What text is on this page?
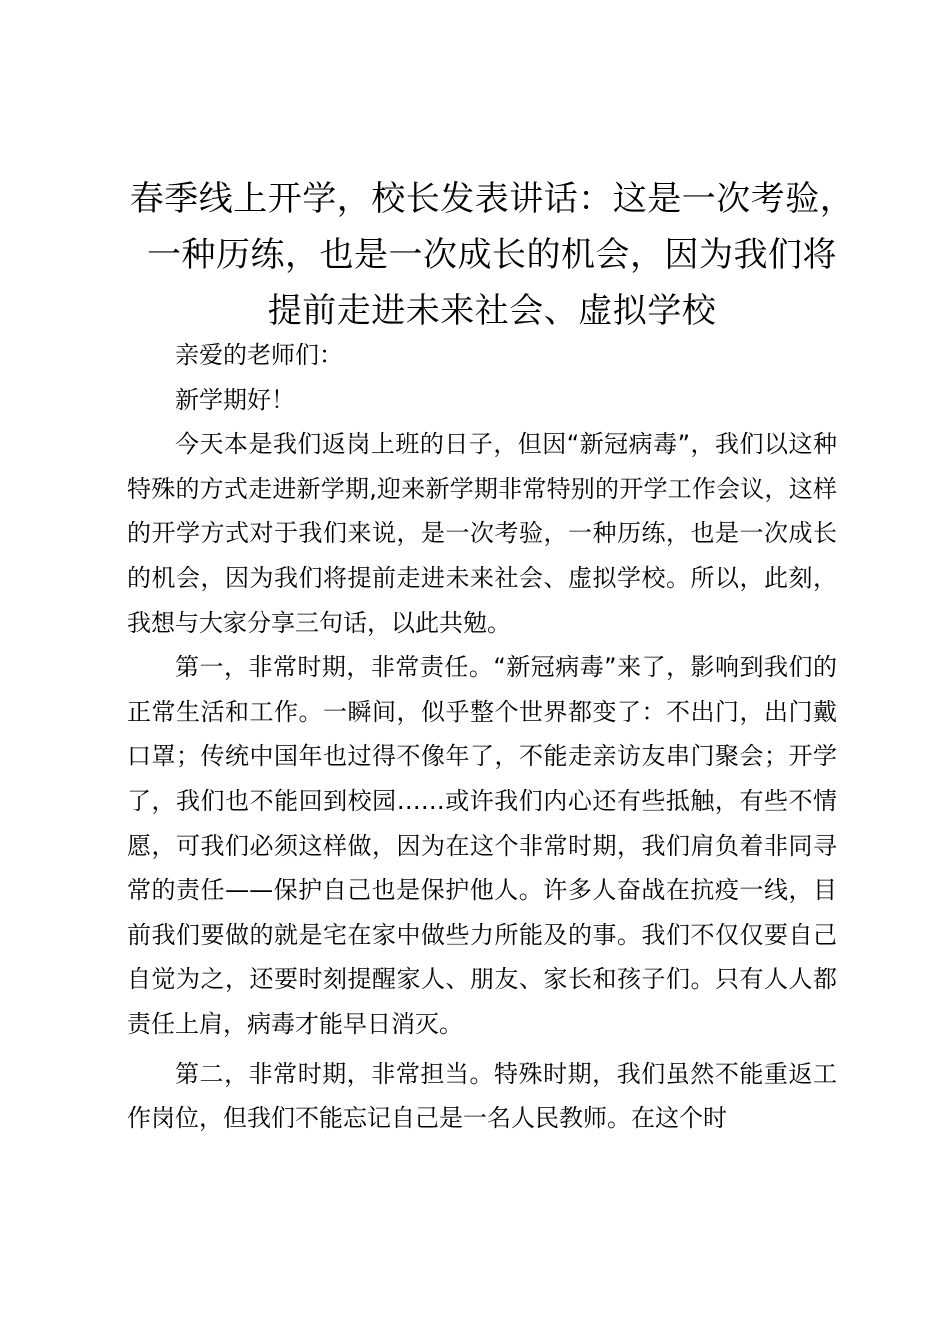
春季线上开学，校长发表讲话：这是一次考验，
一种历练，也是一次成长的机会，因为我们将
提前走进未来社会、虚拟学校

亲爱的老师们：

新学期好！

今天本是我们返岗上班的日子，但因“新冠病毒”，我们以这种特殊的方式走进新学期,迎来新学期非常特别的开学工作会议，这样的开学方式对于我们来说，是一次考验，一种历练，也是一次成长的机会，因为我们将提前走进未来社会、虚拟学校。所以，此刻，我想与大家分享三句话，以此共勉。

第一，非常时期，非常责任。“新冠病毒”来了，影响到我们的正常生活和工作。一瞬间，似乎整个世界都变了：不出门，出门戴口罩；传统中国年也过得不像年了，不能走亲访友串门聚会；开学了，我们也不能回到校园……或许我们内心还有些抵触，有些不情愿，可我们必须这样做，因为在这个非常时期，我们肩负着非同寻常的责任——保护自己也是保护他人。许多人奋战在抗疫一线，目前我们要做的就是宅在家中做些力所能及的事。我们不仅仅要自己自觉为之，还要时刻提醒家人、朋友、家长和孩子们。只有人人都责任上肩，病毒才能早日消灭。

第二，非常时期，非常担当。特殊时期，我们虽然不能重返工作岗位，但我们不能忘记自己是一名人民教师。在这个时
